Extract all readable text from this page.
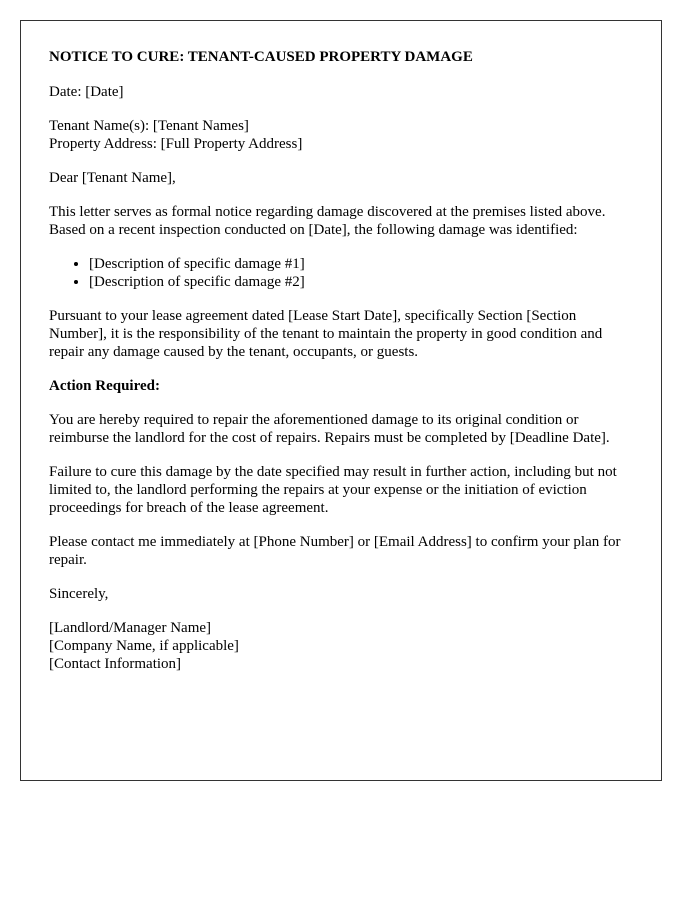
NOTICE TO CURE: TENANT-CAUSED PROPERTY DAMAGE

Date: [Date]

Tenant Name(s): [Tenant Names]
Property Address: [Full Property Address]

Dear [Tenant Name],

This letter serves as formal notice regarding damage discovered at the premises listed above. Based on a recent inspection conducted on [Date], the following damage was identified:

• [Description of specific damage #1]
• [Description of specific damage #2]

Pursuant to your lease agreement dated [Lease Start Date], specifically Section [Section Number], it is the responsibility of the tenant to maintain the property in good condition and repair any damage caused by the tenant, occupants, or guests.

Action Required:

You are hereby required to repair the aforementioned damage to its original condition or reimburse the landlord for the cost of repairs. Repairs must be completed by [Deadline Date].

Failure to cure this damage by the date specified may result in further action, including but not limited to, the landlord performing the repairs at your expense or the initiation of eviction proceedings for breach of the lease agreement.

Please contact me immediately at [Phone Number] or [Email Address] to confirm your plan for repair.

Sincerely,

[Landlord/Manager Name]
[Company Name, if applicable]
[Contact Information]
